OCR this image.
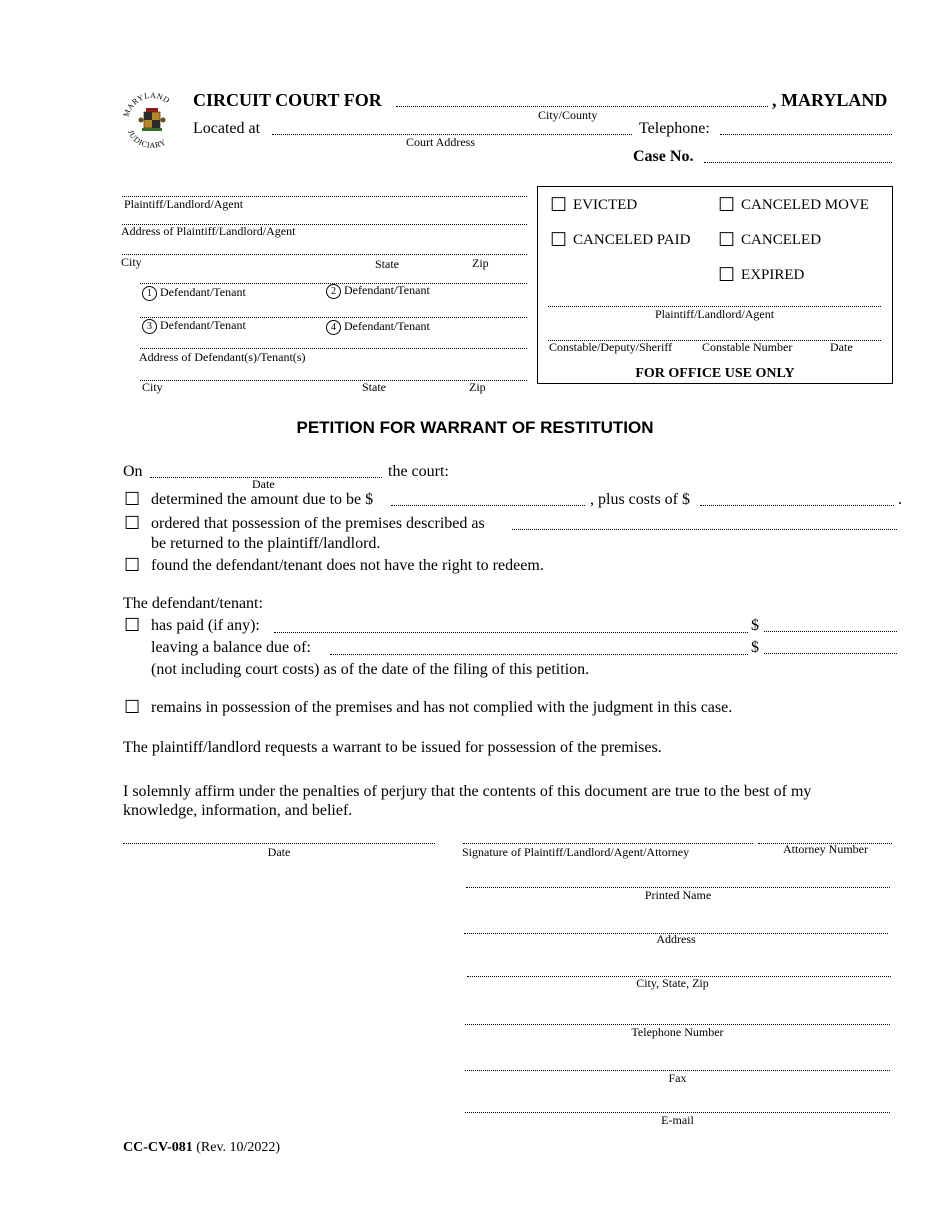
MARYLAND
JUDICIARY
CIRCUIT COURT FOR	, MARYLAND
City/County
Located at
Court Address
Telephone:
Case No.
Plaintiff/Landlord/Agent
Address of Plaintiff/Landlord/Agent
City	State	Zip
1 Defendant/Tenant	2 Defendant/Tenant
3 Defendant/Tenant	4 Defendant/Tenant
Address of Defendant(s)/Tenant(s)
City	State	Zip
☐ EVICTED	☐ CANCELED MOVE
☐ CANCELED PAID ☐ CANCELED
☐ EXPIRED
Plaintiff/Landlord/Agent
Constable/Deputy/Sheriff Constable Number	Date
FOR OFFICE USE ONLY
PETITION FOR WARRANT OF RESTITUTION
On
Date
the court:
☐ determined the amount due to be $	, plus costs of $	.
☐ ordered that possession of the premises described as
be returned to the plaintiff/landlord.
☐ found the defendant/tenant does not have the right to redeem.
The defendant/tenant:
☐ has paid (if any):	$
leaving a balance due of:	$
(not including court costs) as of the date of the filing of this petition.
☐ remains in possession of the premises and has not complied with the judgment in this case.
The plaintiff/landlord requests a warrant to be issued for possession of the premises.
I solemnly affirm under the penalties of perjury that the contents of this document are true to the best of my knowledge, information, and belief.
Date	Signature of Plaintiff/Landlord/Agent/Attorney	Attorney Number
Printed Name
Address
City, State, Zip
Telephone Number
Fax
E-mail
CC-CV-081 (Rev. 10/2022)
